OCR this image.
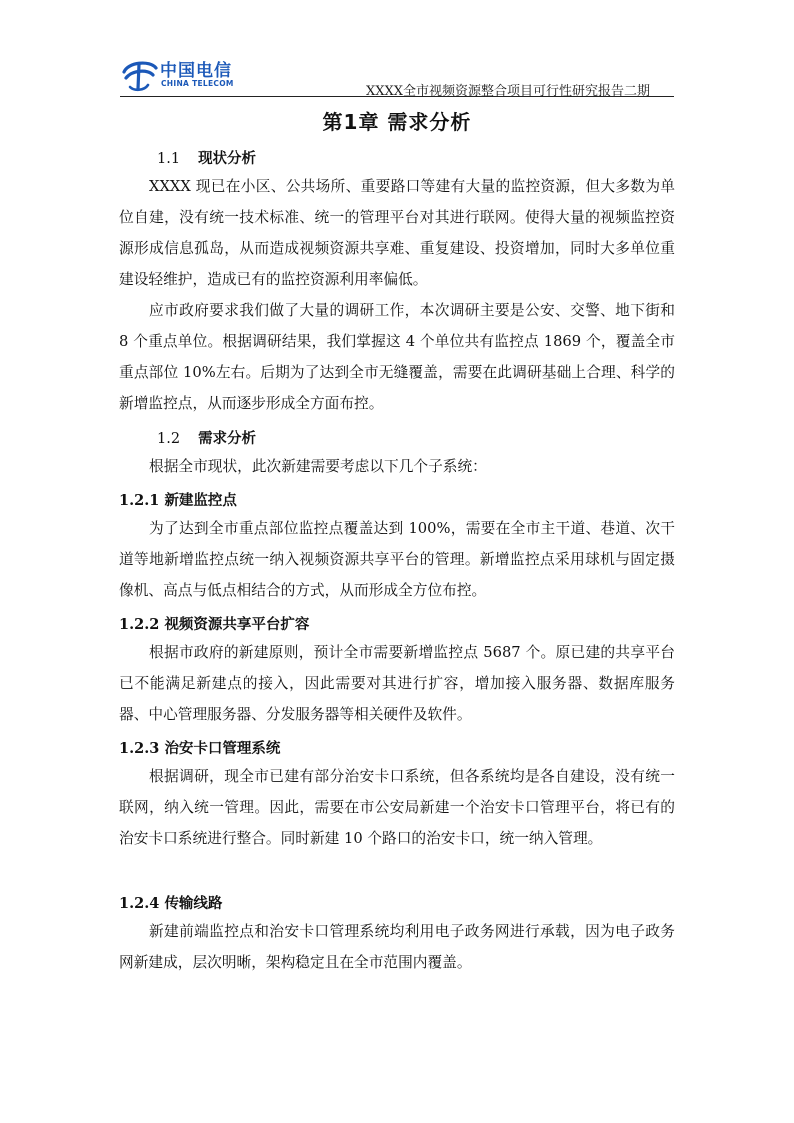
中国电信
CHINA TELECOM
XXXX全市视频资源整合项目可行性研究报告二期
第1章 需求分析
1.1 现状分析

XXXX 现已在小区、公共场所、重要路口等建有大量的监控资源，但大多数为单位自建，没有统一技术标准、统一的管理平台对其进行联网。使得大量的视频监控资源形成信息孤岛，从而造成视频资源共享难、重复建设、投资增加，同时大多单位重建设轻维护，造成已有的监控资源利用率偏低。

应市政府要求我们做了大量的调研工作，本次调研主要是公安、交警、地下街和 8 个重点单位。根据调研结果，我们掌握这 4 个单位共有监控点 1869 个，覆盖全市重点部位 10%左右。后期为了达到全市无缝覆盖，需要在此调研基础上合理、科学的新增监控点，从而逐步形成全方面布控。

1.2 需求分析

根据全市现状，此次新建需要考虑以下几个子系统：

1.2.1 新建监控点

为了达到全市重点部位监控点覆盖达到 100%，需要在全市主干道、巷道、次干道等地新增监控点统一纳入视频资源共享平台的管理。新增监控点采用球机与固定摄像机、高点与低点相结合的方式，从而形成全方位布控。

1.2.2 视频资源共享平台扩容

根据市政府的新建原则，预计全市需要新增监控点 5687 个。原已建的共享平台已不能满足新建点的接入，因此需要对其进行扩容，增加接入服务器、数据库服务器、中心管理服务器、分发服务器等相关硬件及软件。

1.2.3 治安卡口管理系统

根据调研，现全市已建有部分治安卡口系统，但各系统均是各自建设，没有统一联网，纳入统一管理。因此，需要在市公安局新建一个治安卡口管理平台，将已有的治安卡口系统进行整合。同时新建 10 个路口的治安卡口，统一纳入管理。

1.2.4 传输线路

新建前端监控点和治安卡口管理系统均利用电子政务网进行承载，因为电子政务网新建成，层次明晰，架构稳定且在全市范围内覆盖。
